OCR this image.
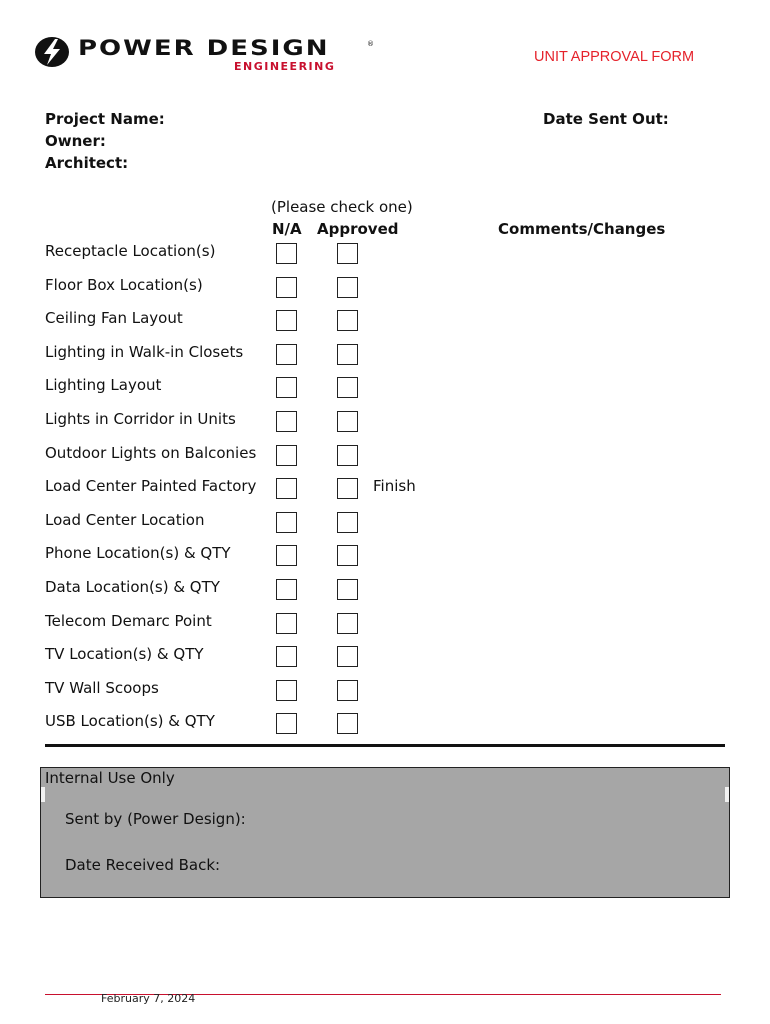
POWER DESIGN
ENGINEERING
®
UNIT APPROVAL FORM
Project Name:
Owner:
Architect:
Date Sent Out:
(Please check one)
N/A Approved	Comments/Changes
Receptacle Location(s)
Floor Box Location(s)
Ceiling Fan Layout
Lighting in Walk-in Closets
Lighting Layout
Lights in Corridor in Units
Outdoor Lights on Balconies
Load Center Painted Factory	Finish
Load Center Location
Phone Location(s) & QTY
Data Location(s) & QTY
Telecom Demarc Point
TV Location(s) & QTY
TV Wall Scoops
USB Location(s) & QTY
Internal Use Only
Sent by (Power Design):
Date Received Back:
February 7, 2024
